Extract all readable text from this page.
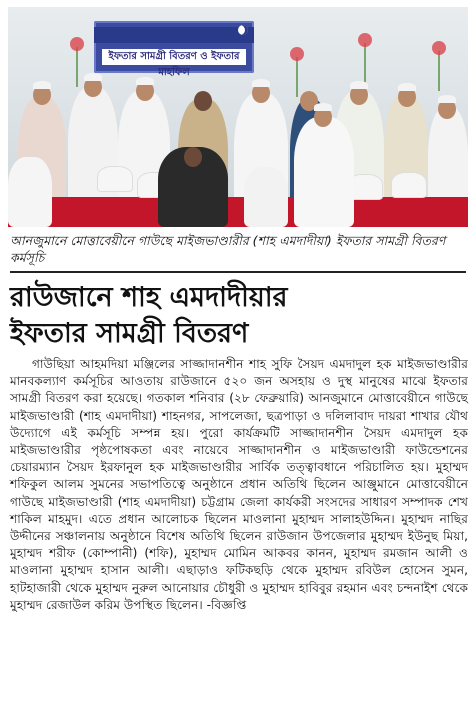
ইফতার সামগ্রী বিতরণ ও ইফতার মাহফিল
আনজুমানে মোত্তাবেয়ীনে গাউছে মাইজভাণ্ডারীর (শাহ এমদাদীয়া) ইফতার সামগ্রী বিতরণ কর্মসূচি
রাউজানে শাহ এমদাদীয়ার
ইফতার সামগ্রী বিতরণ
গাউছিয়া আহমদিয়া মঞ্জিলের সাজ্জাদানশীন শাহ সুফি সৈয়দ এমদাদুল হক মাইজভাণ্ডারীর মানবকল্যাণ কর্মসূচির আওতায় রাউজানে ৫২০ জন অসহায় ও দুস্থ মানুষের মাঝে ইফতার সামগ্রী বিতরণ করা হয়েছে। গতকাল শনিবার (২৮ ফেব্রুয়ারি) আনজুমানে মোত্তাবেয়ীনে গাউছে মাইজভাণ্ডারী (শাহ এমদাদীয়া) শাহনগর, সাপলেজা, ছত্রপাড়া ও দলিলাবাদ দায়রা শাখার যৌথ উদ্যোগে এই কর্মসূচি সম্পন্ন হয়। পুরো কার্যক্রমটি সাজ্জাদানশীন সৈয়দ এমদাদুল হক মাইজভাণ্ডারীর পৃষ্ঠপোষকতা এবং নায়েবে সাজ্জাদানশীন ও মাইজভাণ্ডারী ফাউন্ডেশনের চেয়ারম্যান সৈয়দ ইরফানুল হক মাইজভাণ্ডারীর সার্বিক তত্ত্বাবধানে পরিচালিত হয়। মুহাম্মদ শফিকুল আলম সুমনের সভাপতিত্বে অনুষ্ঠানে প্রধান অতিথি ছিলেন আঞ্জুমানে মোত্তাবেয়ীনে গাউছে মাইজভাণ্ডারী (শাহ এমদাদীয়া) চট্টগ্রাম জেলা কার্যকরী সংসদের সাধারণ সম্পাদক শেখ শাকিল মাহমুদ। এতে প্রধান আলোচক ছিলেন মাওলানা মুহাম্মদ সালাহউদ্দিন। মুহাম্মদ নাছির উদ্দীনের সঞ্চালনায় অনুষ্ঠানে বিশেষ অতিথি ছিলেন রাউজান উপজেলার মুহাম্মদ ইউনুছ মিয়া, মুহাম্মদ শরীফ (কোম্পানী) (শফি), মুহাম্মদ মোমিন আকবর কানন, মুহাম্মদ রমজান আলী ও মাওলানা মুহাম্মদ হাসান আলী। এছাড়াও ফটিকছড়ি থেকে মুহাম্মদ রবিউল হোসেন সুমন, হাটহাজারী থেকে মুহাম্মদ নুরুল আনোয়ার চৌধুরী ও মুহাম্মদ হাবিবুর রহমান এবং চন্দনাইশ থেকে মুহাম্মদ রেজাউল করিম উপস্থিত ছিলেন। -বিজ্ঞপ্তি
